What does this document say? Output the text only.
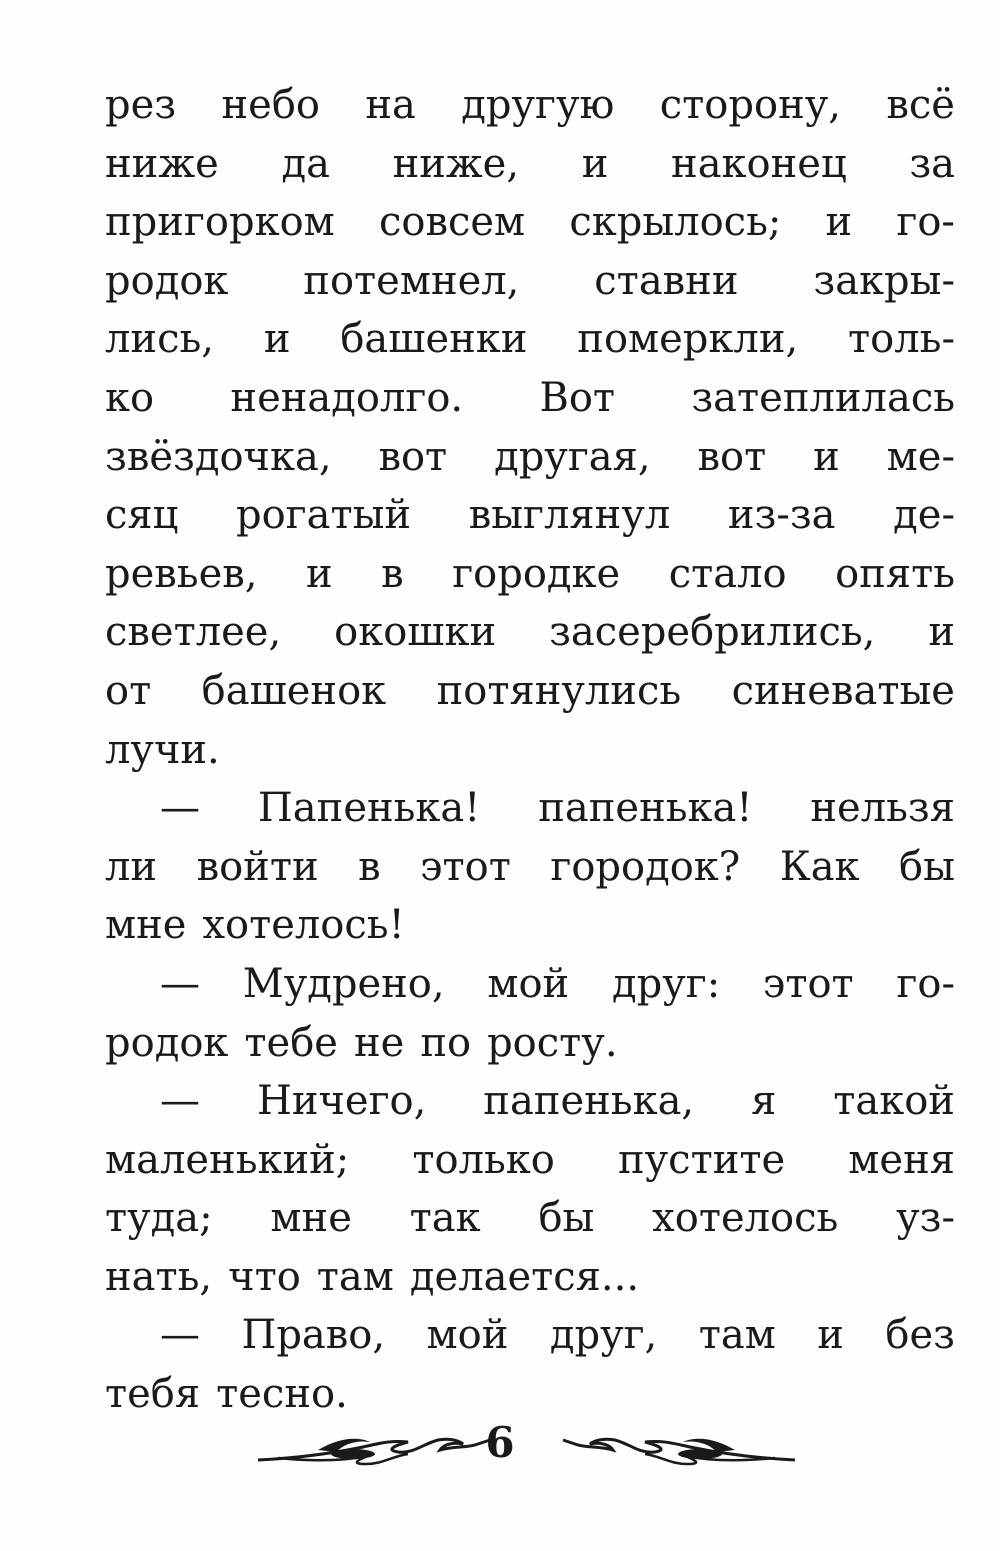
рез небо на другую сторону, всё
ниже да ниже, и наконец за
пригорком совсем скрылось; и го-
родок потемнел, ставни закры-
лись, и башенки померкли, толь-
ко ненадолго. Вот затеплилась
звёздочка, вот другая, вот и ме-
сяц рогатый выглянул из-за де-
ревьев, и в городке стало опять
светлее, окошки засеребрились, и
от башенок потянулись синеватые
лучи.
— Папенька! папенька! нельзя
ли войти в этот городок? Как бы
мне хотелось!
— Мудрено, мой друг: этот го-
родок тебе не по росту.
— Ничего, папенька, я такой
маленький; только пустите меня
туда; мне так бы хотелось уз-
нать, что там делается...
— Право, мой друг, там и без
тебя тесно.
6
